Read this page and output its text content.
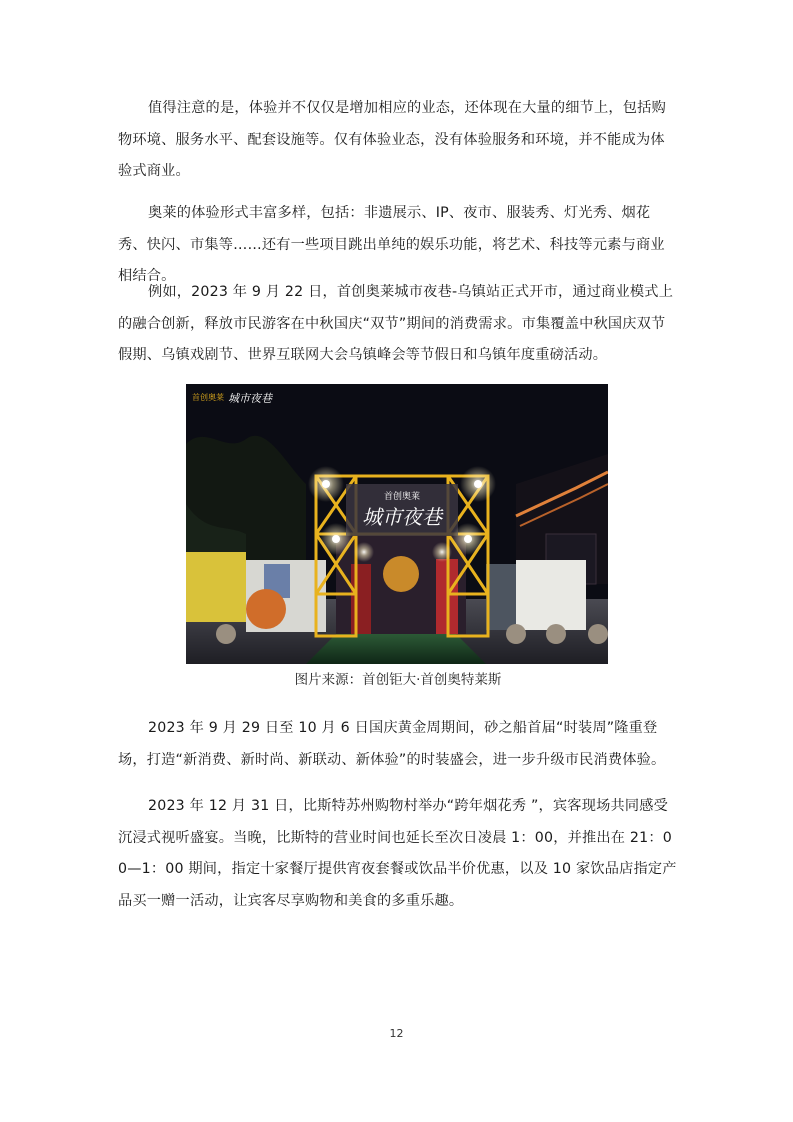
值得注意的是，体验并不仅仅是增加相应的业态，还体现在大量的细节上，包括购物环境、服务水平、配套设施等。仅有体验业态，没有体验服务和环境，并不能成为体验式商业。

奥莱的体验形式丰富多样，包括：非遗展示、IP、夜市、服装秀、灯光秀、烟花秀、快闪、市集等……还有一些项目跳出单纯的娱乐功能，将艺术、科技等元素与商业相结合。

例如，2023 年 9 月 22 日，首创奥莱城市夜巷-乌镇站正式开市，通过商业模式上的融合创新，释放市民游客在中秋国庆“双节”期间的消费需求。市集覆盖中秋国庆双节假期、乌镇戏剧节、世界互联网大会乌镇峰会等节假日和乌镇年度重磅活动。

首创奥莱
城市夜巷
首创奥莱 城市夜巷
图片来源：首创钜大·首创奥特莱斯

2023 年 9 月 29 日至 10 月 6 日国庆黄金周期间，砂之船首届“时装周”隆重登场，打造“新消费、新时尚、新联动、新体验”的时装盛会，进一步升级市民消费体验。

2023 年 12 月 31 日，比斯特苏州购物村举办“跨年烟花秀 ”，宾客现场共同感受沉浸式视听盛宴。当晚，比斯特的营业时间也延长至次日凌晨 1：00，并推出在 21：00—1：00 期间，指定十家餐厅提供宵夜套餐或饮品半价优惠，以及 10 家饮品店指定产品买一赠一活动，让宾客尽享购物和美食的多重乐趣。

12
